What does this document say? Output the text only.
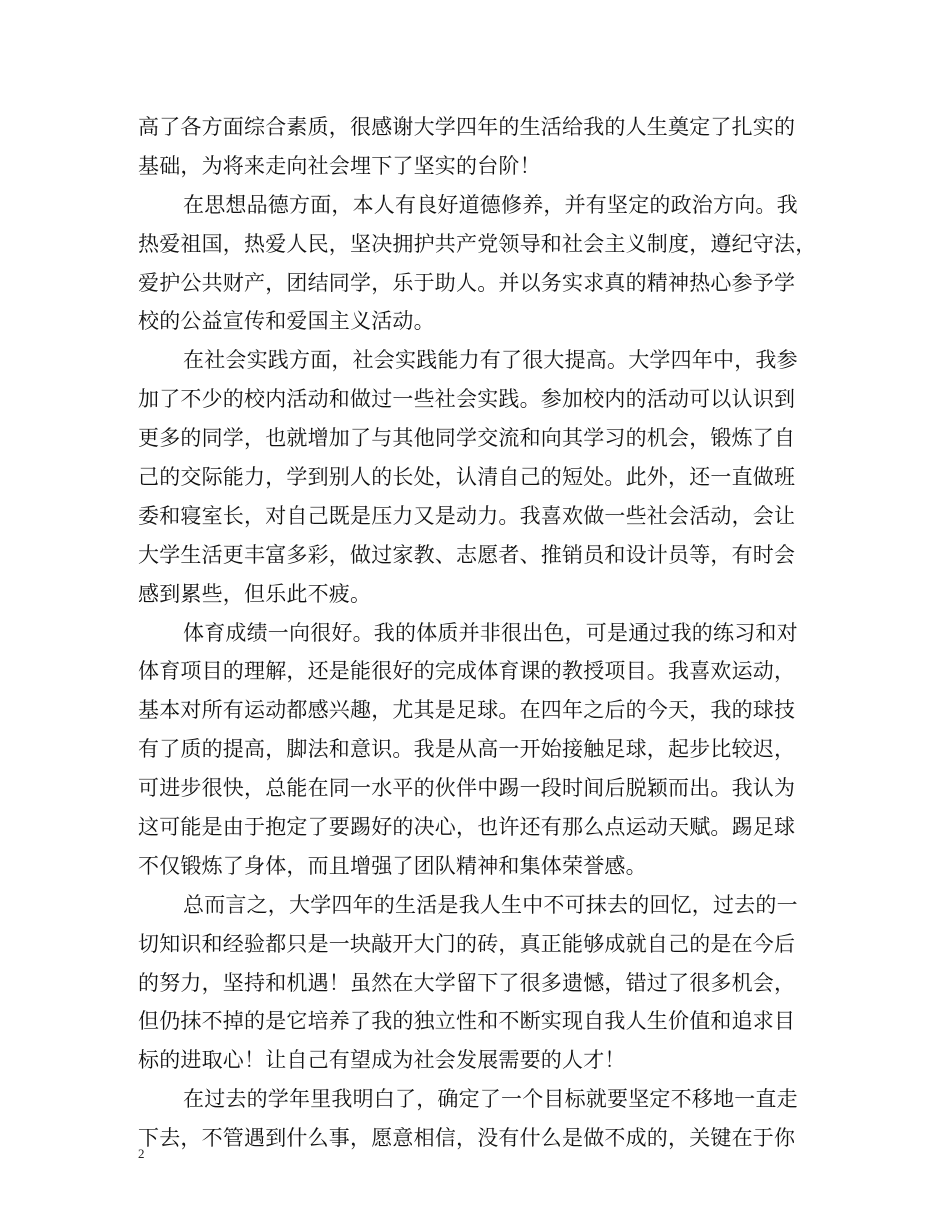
高了各方面综合素质，很感谢大学四年的生活给我的人生奠定了扎实的
基础，为将来走向社会埋下了坚实的台阶！
在思想品德方面，本人有良好道德修养，并有坚定的政治方向。我
热爱祖国，热爱人民，坚决拥护共产党领导和社会主义制度，遵纪守法，
爱护公共财产，团结同学，乐于助人。并以务实求真的精神热心参予学
校的公益宣传和爱国主义活动。
在社会实践方面，社会实践能力有了很大提高。大学四年中，我参
加了不少的校内活动和做过一些社会实践。参加校内的活动可以认识到
更多的同学，也就增加了与其他同学交流和向其学习的机会，锻炼了自
己的交际能力，学到别人的长处，认清自己的短处。此外，还一直做班
委和寝室长，对自己既是压力又是动力。我喜欢做一些社会活动，会让
大学生活更丰富多彩，做过家教、志愿者、推销员和设计员等，有时会
感到累些，但乐此不疲。
体育成绩一向很好。我的体质并非很出色，可是通过我的练习和对
体育项目的理解，还是能很好的完成体育课的教授项目。我喜欢运动，
基本对所有运动都感兴趣，尤其是足球。在四年之后的今天，我的球技
有了质的提高，脚法和意识。我是从高一开始接触足球，起步比较迟，
可进步很快，总能在同一水平的伙伴中踢一段时间后脱颖而出。我认为
这可能是由于抱定了要踢好的决心，也许还有那么点运动天赋。踢足球
不仅锻炼了身体，而且增强了团队精神和集体荣誉感。
总而言之，大学四年的生活是我人生中不可抹去的回忆，过去的一
切知识和经验都只是一块敲开大门的砖，真正能够成就自己的是在今后
的努力，坚持和机遇！虽然在大学留下了很多遗憾，错过了很多机会，
但仍抹不掉的是它培养了我的独立性和不断实现自我人生价值和追求目
标的进取心！让自己有望成为社会发展需要的人才！
在过去的学年里我明白了，确定了一个目标就要坚定不移地一直走
下去，不管遇到什么事，愿意相信，没有什么是做不成的，关键在于你
2
